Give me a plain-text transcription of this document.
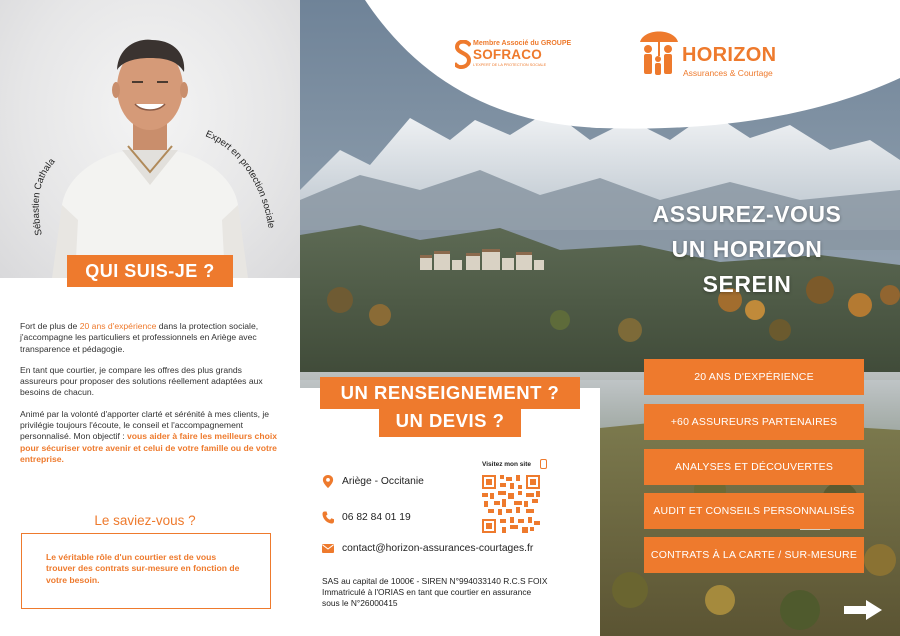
Membre Associé du GROUPE
SOFRACO
L'EXPERT DE LA PROTECTION SOCIALE	HORIZON
Assurances & Courtage
ASSUREZ-VOUS
UN HORIZON
SEREIN
20 ANS D'EXPÉRIENCE
+60 ASSUREURS PARTENAIRES
ANALYSES ET DÉCOUVERTES
AUDIT ET CONSEILS PERSONNALISÉS
CONTRATS À LA CARTE / SUR-MESURE
UN RENSEIGNEMENT ?
UN DEVIS ?
Ariège - Occitanie
06 82 84 01 19
contact@horizon-assurances-courtages.fr
Visitez mon site
SAS au capital de 1000€ - SIREN N°994033140 R.C.S FOIX
Immatriculé à l'ORIAS en tant que courtier en assurance
sous le N°26000415
Sébastien Cathala
Expert en protection sociale
QUI SUIS-JE ?

Fort de plus de 20 ans d'expérience dans la protection sociale, j'accompagne les particuliers et professionnels en Ariège avec transparence et pédagogie.

En tant que courtier, je compare les offres des plus grands assureurs pour proposer des solutions réellement adaptées aux besoins de chacun.

Animé par la volonté d'apporter clarté et sérénité à mes clients, je privilégie toujours l'écoute, le conseil et l'accompagnement personnalisé. Mon objectif : vous aider à faire les meilleurs choix pour sécuriser votre avenir et celui de votre famille ou de votre entreprise.

Le saviez-vous ?
Le véritable rôle d'un courtier est de vous trouver des contrats sur-mesure en fonction de votre besoin.
